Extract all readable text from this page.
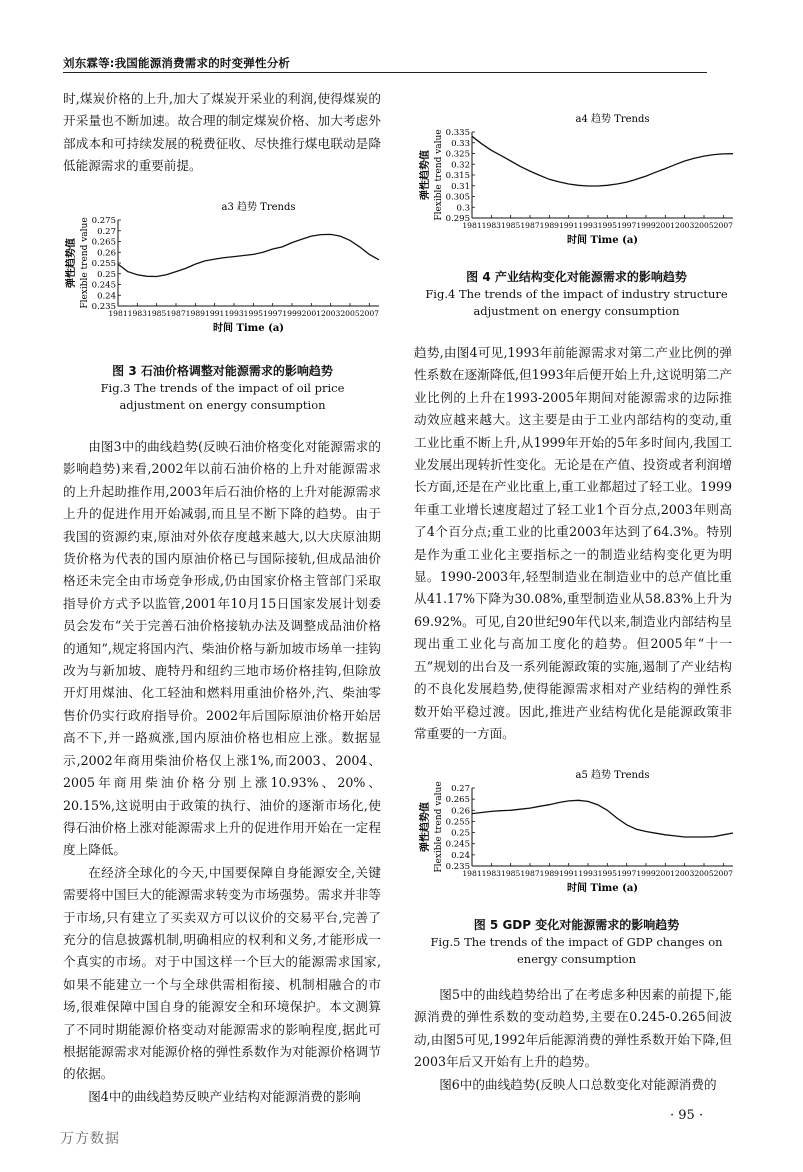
刘东霖等:我国能源消费需求的时变弹性分析

时,煤炭价格的上升,加大了煤炭开采业的利润,使得煤炭的开采量也不断加速。故合理的制定煤炭价格、加大考虑外部成本和可持续发展的税费征收、尽快推行煤电联动是降低能源需求的重要前提。

a3 趋势 Trends
0.275
0.27
0.265
0.26
0.255
0.25
0.245
0.24
0.235
1981 1983 1985 1987 1989 1991 1993 1995 1997 1999 2001 2003 2005 2007
时间 Time (a)
弹性趋势值 Flexible trend value
图 3 石油价格调整对能源需求的影响趋势
Fig.3 The trends of the impact of oil price
adjustment on energy consumption

由图3中的曲线趋势(反映石油价格变化对能源需求的影响趋势)来看,2002年以前石油价格的上升对能源需求的上升起助推作用,2003年后石油价格的上升对能源需求上升的促进作用开始减弱,而且呈不断下降的趋势。由于我国的资源约束,原油对外依存度越来越大,以大庆原油期货价格为代表的国内原油价格已与国际接轨,但成品油价格还未完全由市场竞争形成,仍由国家价格主管部门采取指导价方式予以监管,2001年10月15日国家发展计划委员会发布“关于完善石油价格接轨办法及调整成品油价格的通知”,规定将国内汽、柴油价格与新加坡市场单一挂钩改为与新加坡、鹿特丹和纽约三地市场价格挂钩,但除放开灯用煤油、化工轻油和燃料用重油价格外,汽、柴油零售价仍实行政府指导价。2002年后国际原油价格开始居高不下,并一路疯涨,国内原油价格也相应上涨。数据显示,2002年商用柴油价格仅上涨1%,而2003、2004、2005年商用柴油价格分别上涨10.93%、20%、20.15%,这说明由于政策的执行、油价的逐渐市场化,使得石油价格上涨对能源需求上升的促进作用开始在一定程度上降低。

在经济全球化的今天,中国要保障自身能源安全,关键需要将中国巨大的能源需求转变为市场强势。需求并非等于市场,只有建立了买卖双方可以议价的交易平台,完善了充分的信息披露机制,明确相应的权利和义务,才能形成一个真实的市场。对于中国这样一个巨大的能源需求国家,如果不能建立一个与全球供需相衔接、机制相融合的市场,很难保障中国自身的能源安全和环境保护。本文测算了不同时期能源价格变动对能源需求的影响程度,据此可根据能源需求对能源价格的弹性系数作为对能源价格调节的依据。

图4中的曲线趋势反映产业结构对能源消费的影响

a4 趋势 Trends
0.335
0.33
0.325
0.32
0.315
0.31
0.305
0.3
0.295
1981 1983 1985 1987 1989 1991 1993 1995 1997 1999 2001 2003 2005 2007
时间 Time (a)
弹性趋势值 Flexible trend value
图 4 产业结构变化对能源需求的影响趋势
Fig.4 The trends of the impact of industry structure
adjustment on energy consumption

趋势,由图4可见,1993年前能源需求对第二产业比例的弹性系数在逐渐降低,但1993年后便开始上升,这说明第二产业比例的上升在1993-2005年期间对能源需求的边际推动效应越来越大。这主要是由于工业内部结构的变动,重工业比重不断上升,从1999年开始的5年多时间内,我国工业发展出现转折性变化。无论是在产值、投资或者利润增长方面,还是在产业比重上,重工业都超过了轻工业。1999年重工业增长速度超过了轻工业1个百分点,2003年则高了4个百分点;重工业的比重2003年达到了64.3%。特别是作为重工业化主要指标之一的制造业结构变化更为明显。1990-2003年,轻型制造业在制造业中的总产值比重从41.17%下降为30.08%,重型制造业从58.83%上升为69.92%。可见,自20世纪90年代以来,制造业内部结构呈现出重工业化与高加工度化的趋势。但2005年“十一五”规划的出台及一系列能源政策的实施,遏制了产业结构的不良化发展趋势,使得能源需求相对产业结构的弹性系数开始平稳过渡。因此,推进产业结构优化是能源政策非常重要的一方面。

a5 趋势 Trends
0.27
0.265
0.26
0.255
0.25
0.245
0.24
0.235
1981 1983 1985 1987 1989 1991 1993 1995 1997 1999 2001 2003 2005 2007
时间 Time (a)
弹性趋势值 Flexible trend value
图 5 GDP 变化对能源需求的影响趋势
Fig.5 The trends of the impact of GDP changes on
energy consumption

图5中的曲线趋势给出了在考虑多种因素的前提下,能源消费的弹性系数的变动趋势,主要在0.245-0.265间波动,由图5可见,1992年后能源消费的弹性系数开始下降,但2003年后又开始有上升的趋势。

图6中的曲线趋势(反映人口总数变化对能源消费的

· 95 ·
万方数据
